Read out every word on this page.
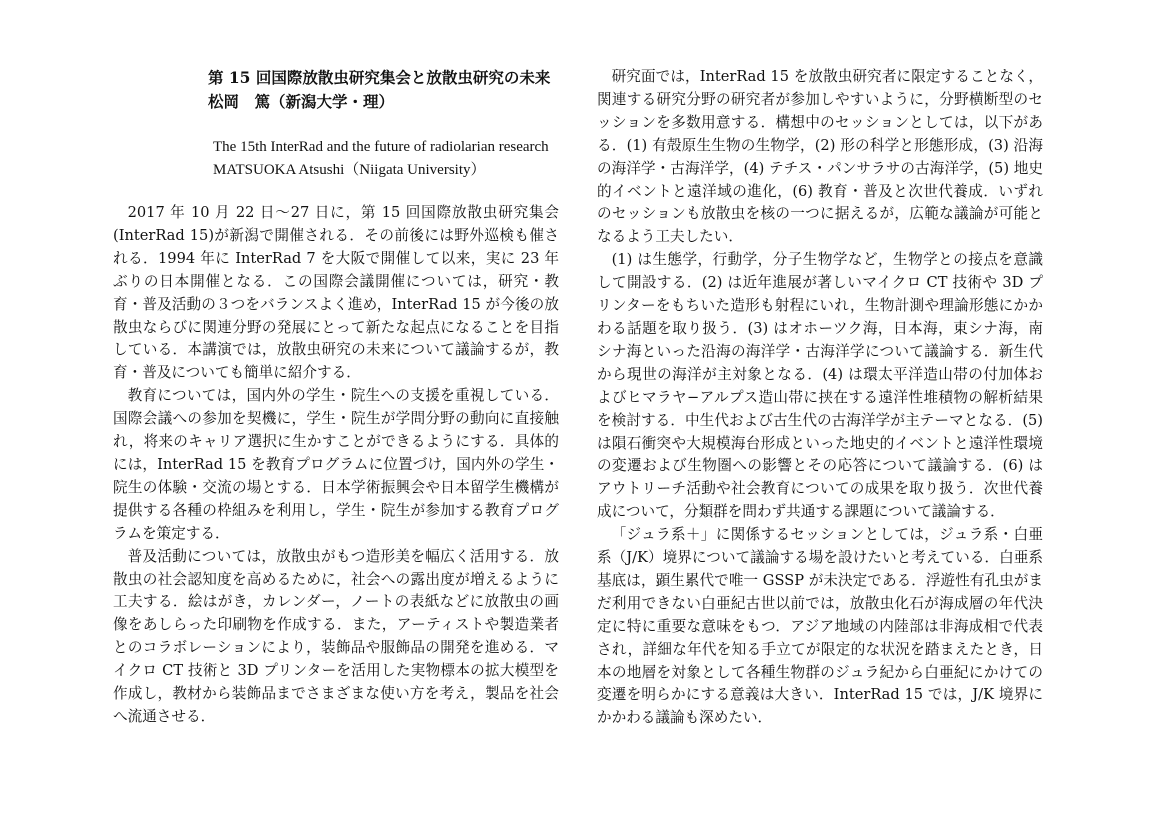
第 15 回国際放散虫研究集会と放散虫研究の未来
松岡　篤（新潟大学・理）
The 15th InterRad and the future of radiolarian research
MATSUOKA Atsushi（Niigata University）

2017 年 10 月 22 日〜27 日に，第 15 回国際放散虫研究集会 (InterRad 15)が新潟で開催される．その前後には野外巡検も催される．1994 年に InterRad 7 を大阪で開催して以来，実に 23 年ぶりの日本開催となる．この国際会議開催については，研究・教育・普及活動の３つをバランスよく進め，InterRad 15 が今後の放散虫ならびに関連分野の発展にとって新たな起点になることを目指している．本講演では，放散虫研究の未来について議論するが，教育・普及についても簡単に紹介する．

教育については，国内外の学生・院生への支援を重視している．国際会議への参加を契機に，学生・院生が学問分野の動向に直接触れ，将来のキャリア選択に生かすことができるようにする．具体的には，InterRad 15 を教育プログラムに位置づけ，国内外の学生・院生の体験・交流の場とする．日本学術振興会や日本留学生機構が提供する各種の枠組みを利用し，学生・院生が参加する教育プログラムを策定する．

普及活動については，放散虫がもつ造形美を幅広く活用する．放散虫の社会認知度を高めるために，社会への露出度が増えるように工夫する．絵はがき，カレンダー，ノートの表紙などに放散虫の画像をあしらった印刷物を作成する．また，アーティストや製造業者とのコラボレーションにより，装飾品や服飾品の開発を進める．マイクロ CT 技術と 3D プリンターを活用した実物標本の拡大模型を作成し，教材から装飾品までさまざまな使い方を考え，製品を社会へ流通させる．

研究面では，InterRad 15 を放散虫研究者に限定することなく，関連する研究分野の研究者が参加しやすいように，分野横断型のセッションを多数用意する．構想中のセッションとしては，以下がある．(1) 有殻原生生物の生物学，(2) 形の科学と形態形成，(3) 沿海の海洋学・古海洋学，(4) テチス・パンサラサの古海洋学，(5) 地史的イベントと遠洋域の進化，(6) 教育・普及と次世代養成．いずれのセッションも放散虫を核の一つに据えるが，広範な議論が可能となるよう工夫したい．

(1) は生態学，行動学，分子生物学など，生物学との接点を意識して開設する．(2) は近年進展が著しいマイクロ CT 技術や 3D プリンターをもちいた造形も射程にいれ，生物計測や理論形態にかかわる話題を取り扱う．(3) はオホーツク海，日本海，東シナ海，南シナ海といった沿海の海洋学・古海洋学について議論する．新生代から現世の海洋が主対象となる．(4) は環太平洋造山帯の付加体およびヒマラヤ−アルプス造山帯に挟在する遠洋性堆積物の解析結果を検討する．中生代および古生代の古海洋学が主テーマとなる．(5) は隕石衝突や大規模海台形成といった地史的イベントと遠洋性環境の変遷および生物圏への影響とその応答について議論する．(6) はアウトリーチ活動や社会教育についての成果を取り扱う．次世代養成について，分類群を問わず共通する課題について議論する．

「ジュラ系＋」に関係するセッションとしては，ジュラ系・白亜系（J/K）境界について議論する場を設けたいと考えている．白亜系基底は，顕生累代で唯一 GSSP が未決定である．浮遊性有孔虫がまだ利用できない白亜紀古世以前では，放散虫化石が海成層の年代決定に特に重要な意味をもつ．アジア地域の内陸部は非海成相で代表され，詳細な年代を知る手立てが限定的な状況を踏まえたとき，日本の地層を対象として各種生物群のジュラ紀から白亜紀にかけての変遷を明らかにする意義は大きい．InterRad 15 では，J/K 境界にかかわる議論も深めたい．
